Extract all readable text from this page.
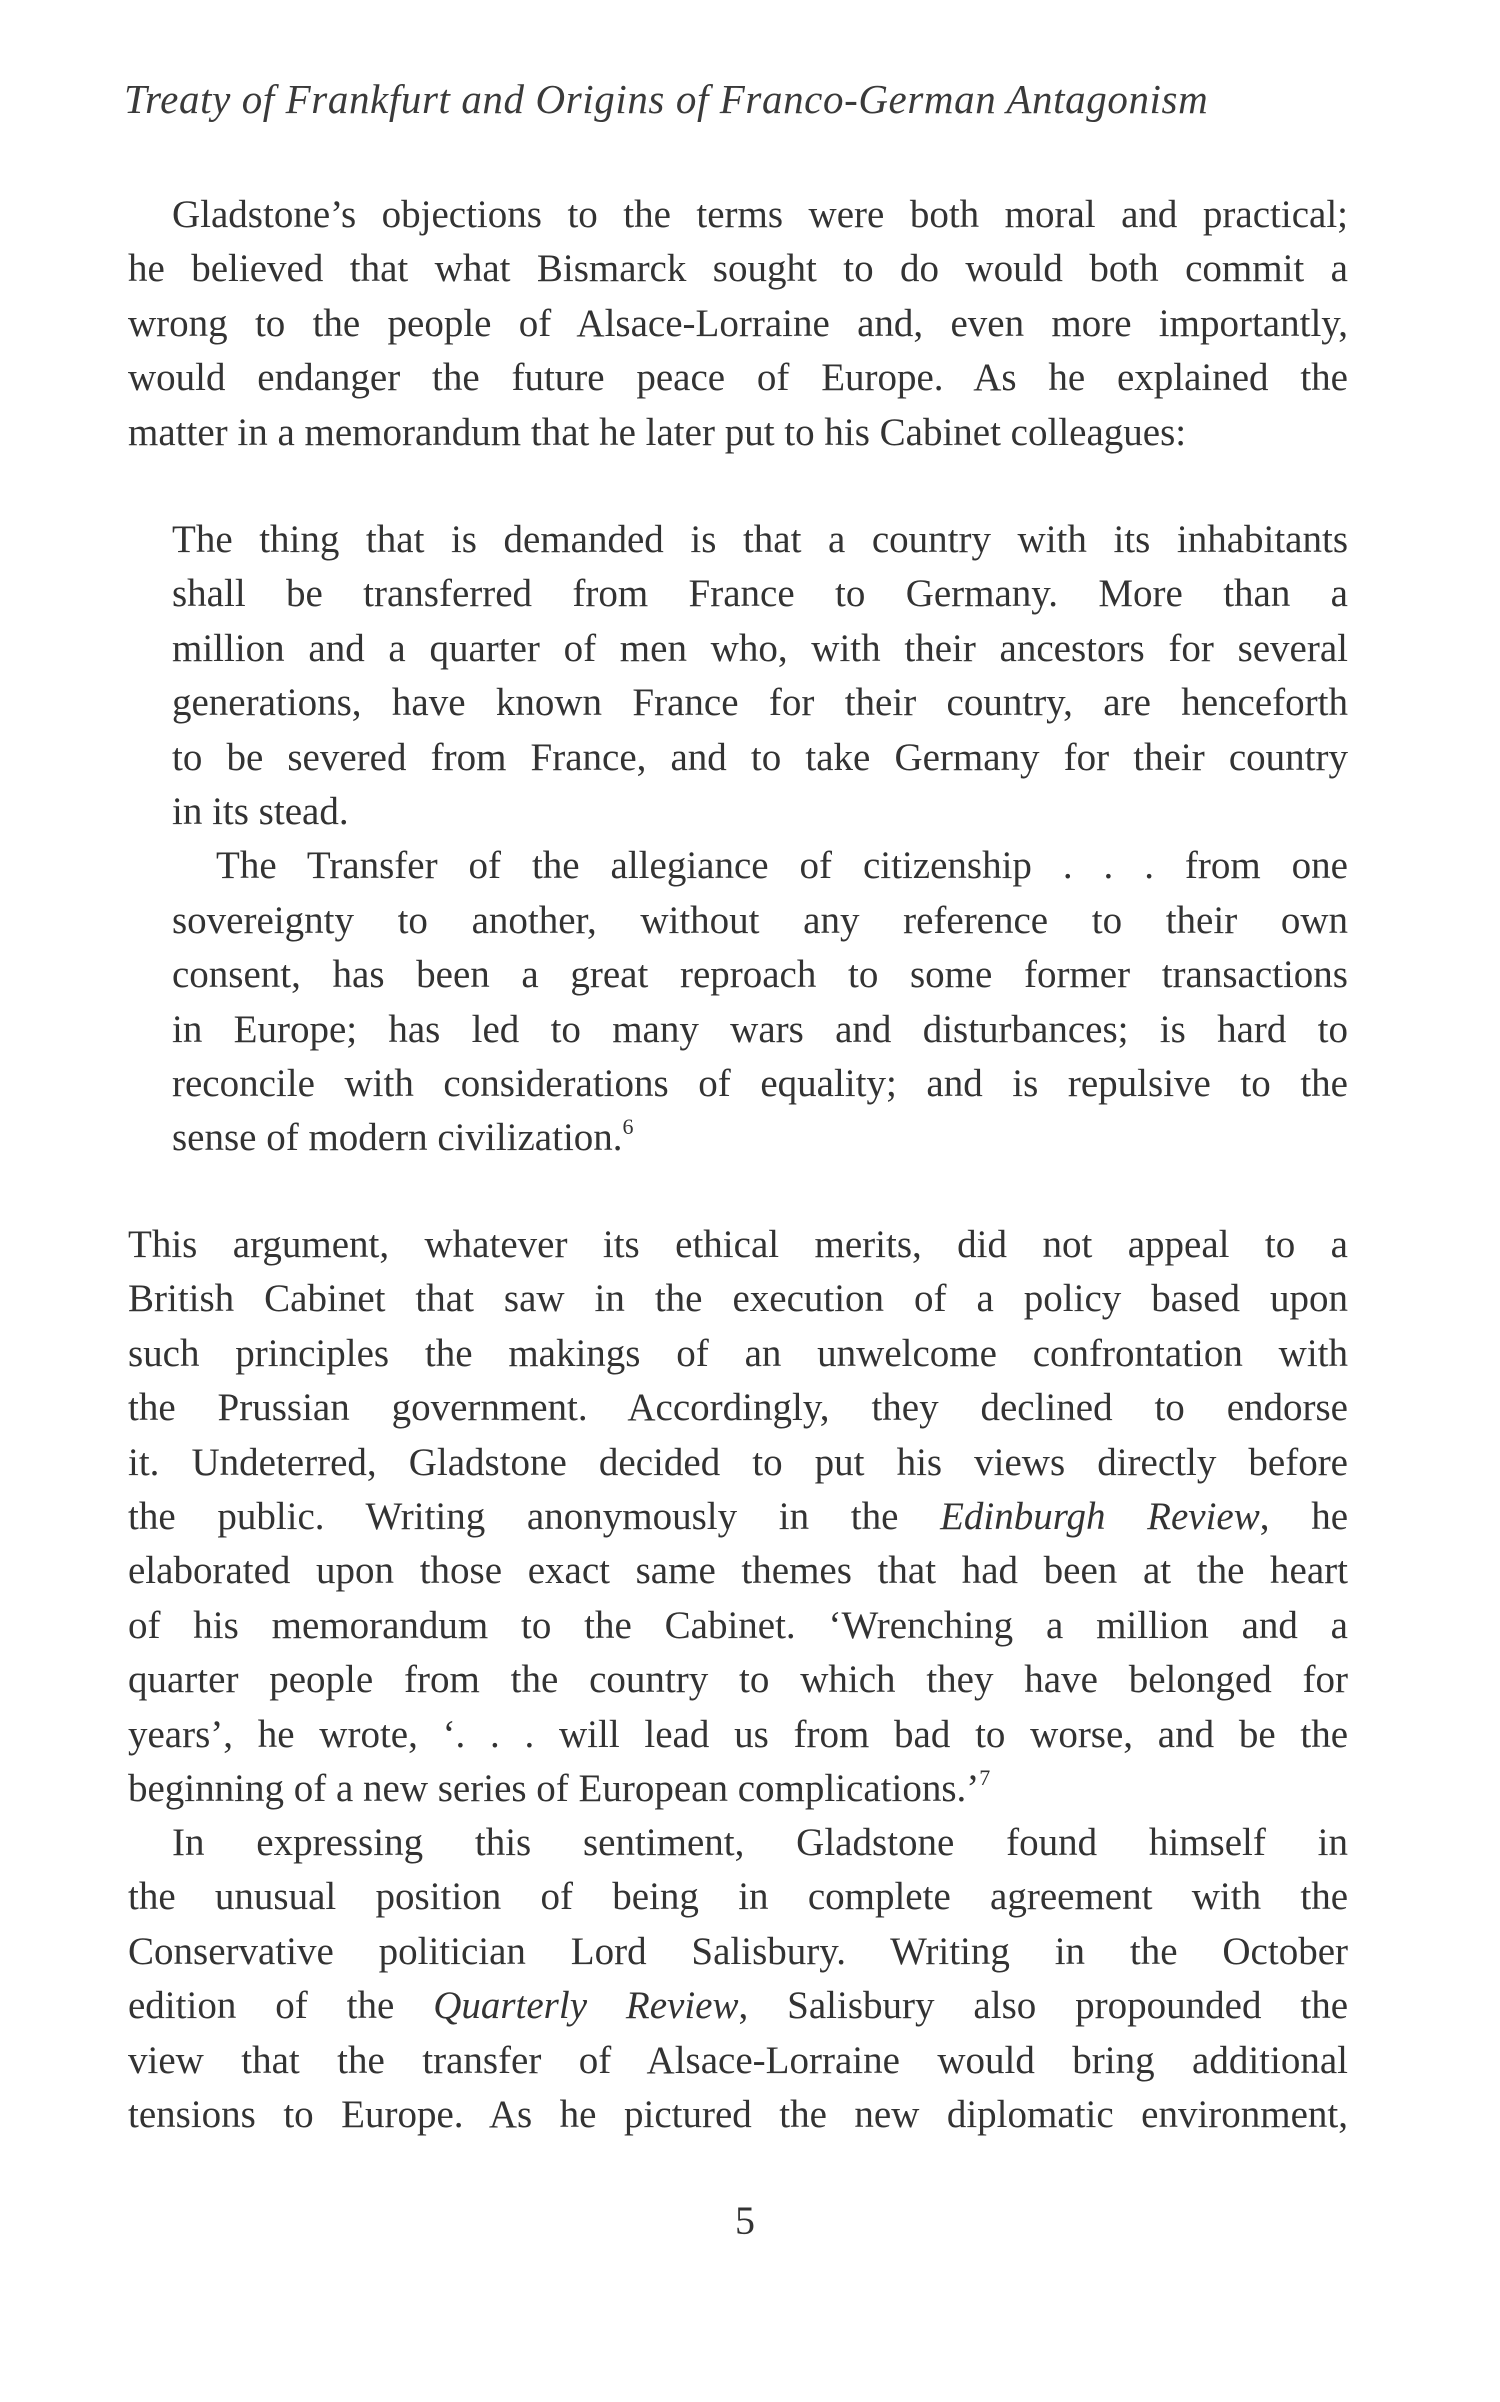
Treaty of Frankfurt and Origins of Franco-German Antagonism
Gladstone’s objections to the terms were both moral and practical;
he believed that what Bismarck sought to do would both commit a
wrong to the people of Alsace-Lorraine and, even more importantly,
would endanger the future peace of Europe. As he explained the
matter in a memorandum that he later put to his Cabinet colleagues:
The thing that is demanded is that a country with its inhabitants
shall be transferred from France to Germany. More than a
million and a quarter of men who, with their ancestors for several
generations, have known France for their country, are henceforth
to be severed from France, and to take Germany for their country
in its stead.
The Transfer of the allegiance of citizenship . . . from one
sovereignty to another, without any reference to their own
consent, has been a great reproach to some former transactions
in Europe; has led to many wars and disturbances; is hard to
reconcile with considerations of equality; and is repulsive to the
sense of modern civilization.$^6$
This argument, whatever its ethical merits, did not appeal to a
British Cabinet that saw in the execution of a policy based upon
such principles the makings of an unwelcome confrontation with
the Prussian government. Accordingly, they declined to endorse
it. Undeterred, Gladstone decided to put his views directly before
the public. Writing anonymously in the Edinburgh Review, he
elaborated upon those exact same themes that had been at the heart
of his memorandum to the Cabinet. ‘Wrenching a million and a
quarter people from the country to which they have belonged for
years’, he wrote, ‘. . . will lead us from bad to worse, and be the
beginning of a new series of European complications.’$^7$
In expressing this sentiment, Gladstone found himself in
the unusual position of being in complete agreement with the
Conservative politician Lord Salisbury. Writing in the October
edition of the Quarterly Review, Salisbury also propounded the
view that the transfer of Alsace-Lorraine would bring additional
tensions to Europe. As he pictured the new diplomatic environment,
5
